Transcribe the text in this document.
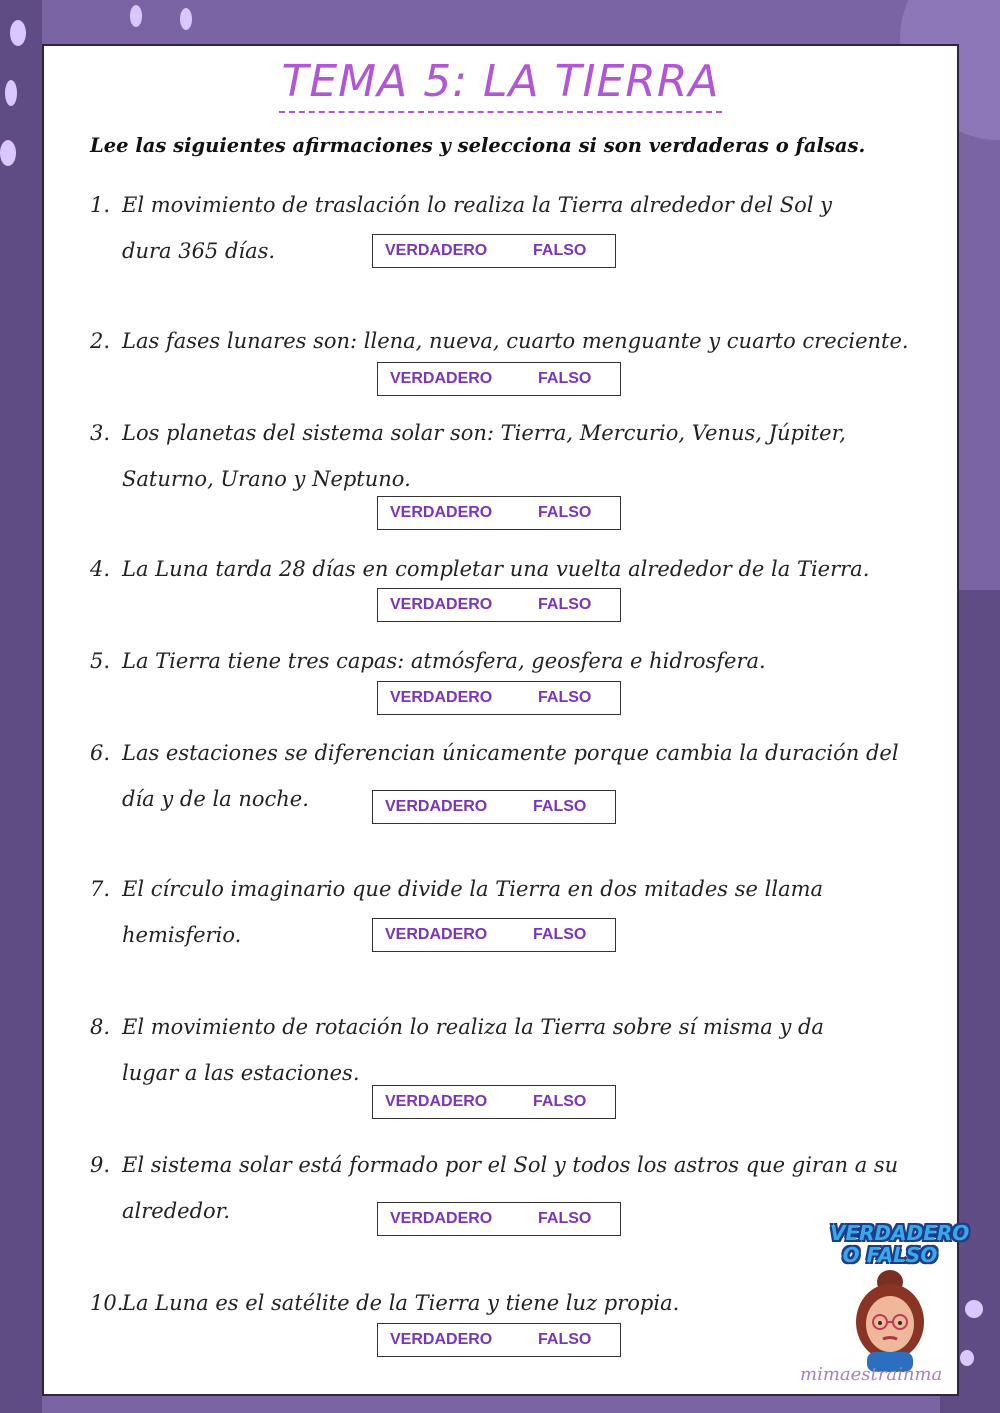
TEMA 5: LA TIERRA
Lee las siguientes afirmaciones y selecciona si son verdaderas o falsas.
1. El movimiento de traslación lo realiza la Tierra alrededor del Sol y
dura 365 días.	VERDADERO	FALSO
2. Las fases lunares son: llena, nueva, cuarto menguante y cuarto creciente.
VERDADERO	FALSO
3. Los planetas del sistema solar son: Tierra, Mercurio, Venus, Júpiter,
Saturno, Urano y Neptuno.
VERDADERO	FALSO
4. La Luna tarda 28 días en completar una vuelta alrededor de la Tierra.
VERDADERO	FALSO
5. La Tierra tiene tres capas: atmósfera, geosfera e hidrosfera.
VERDADERO	FALSO
6. Las estaciones se diferencian únicamente porque cambia la duración del
día y de la noche.	VERDADERO	FALSO
7. El círculo imaginario que divide la Tierra en dos mitades se llama
hemisferio.	VERDADERO	FALSO
8. El movimiento de rotación lo realiza la Tierra sobre sí misma y da
lugar a las estaciones.
VERDADERO	FALSO
9. El sistema solar está formado por el Sol y todos los astros que giran a su
alrededor.	VERDADERO	FALSO
10.La Luna es el satélite de la Tierra y tiene luz propia.
VERDADERO	FALSO
VERDADERO
O FALSO
mimaestrainma
